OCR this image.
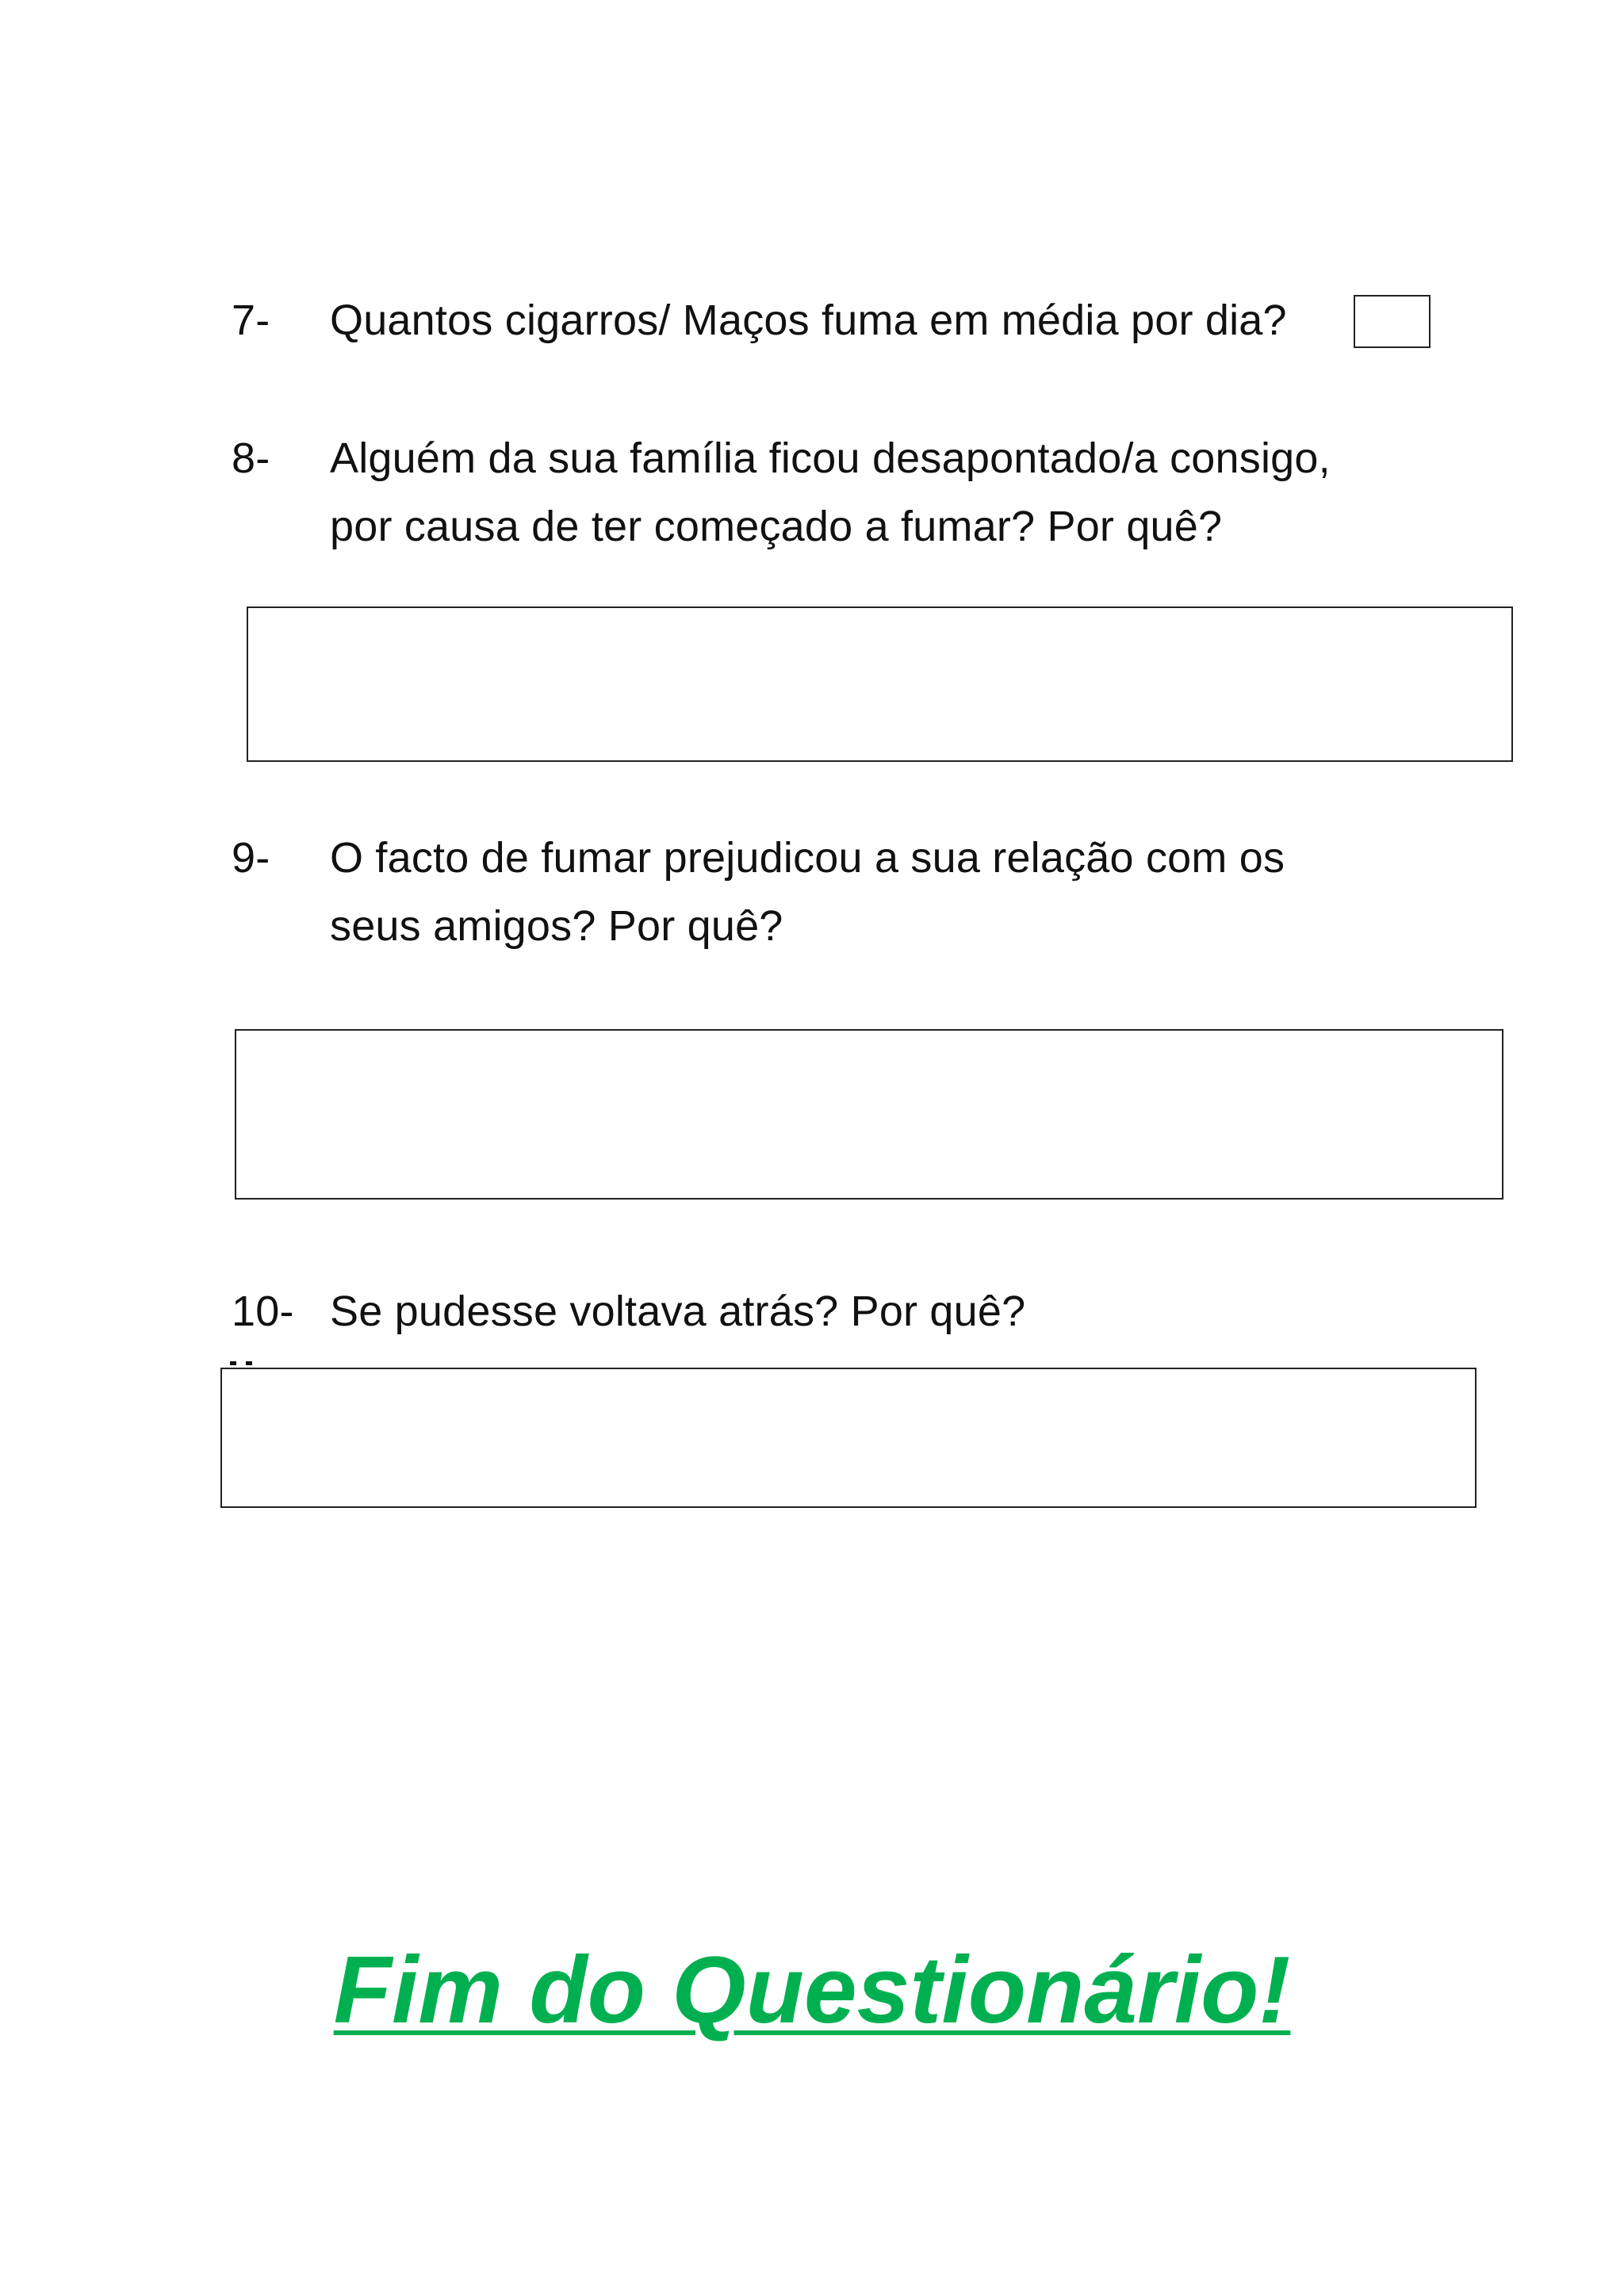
7- Quantos cigarros/ Maços fuma em média por dia?
8- Alguém da sua família ficou desapontado/a consigo,
por causa de ter começado a fumar? Por quê?
9- O facto de fumar prejudicou a sua relação com os
seus amigos? Por quê?
10- Se pudesse voltava atrás? Por quê?
Fim do Questionário!
